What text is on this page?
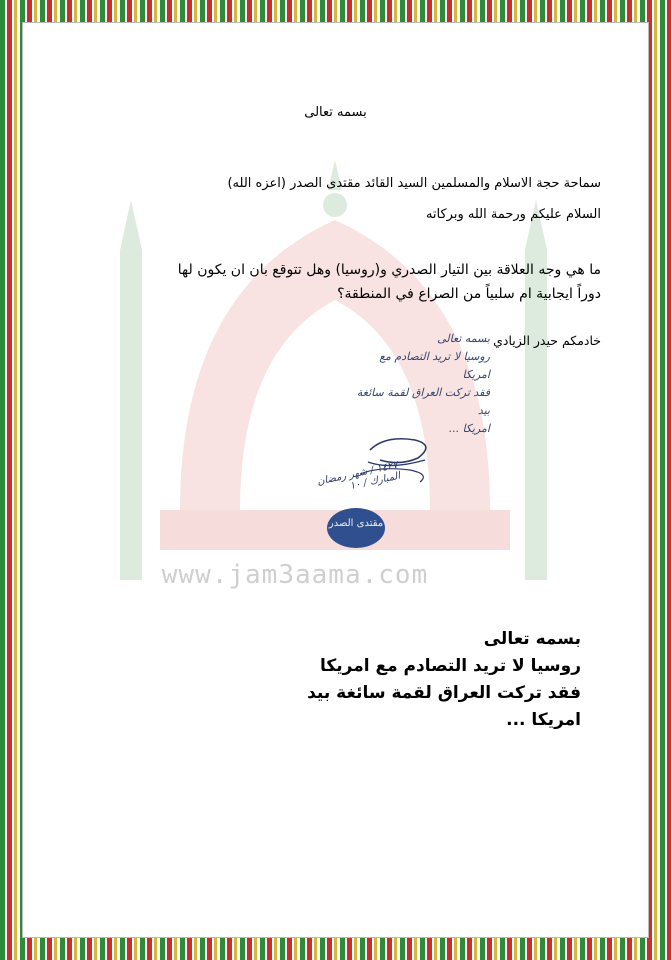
www.jam3aama.com
بسمه تعالى
سماحة حجة الاسلام والمسلمين السيد القائد مقتدى الصدر (اعزه الله)
السلام عليكم ورحمة الله وبركاته
ما هي وجه العلاقة بين التيار الصدري و(روسيا) وهل تتوقع بان ان يكون لها
دوراً ايجابية ام سلبياً من الصراع في المنطقة؟
خادمكم حيدر الزيادي
بسمه تعالى
روسيا لا تريد التصادم مع امريكا
فقد تركت العراق لقمة سائغة بيد
امريكا ...
١٤٢٧ / شهر رمضان المبارك / ١٠
مقتدى الصدر
بسمه تعالى
روسيا لا تريد التصادم مع امريكا
فقد تركت العراق لقمة سائغة بيد
امريكا ...
